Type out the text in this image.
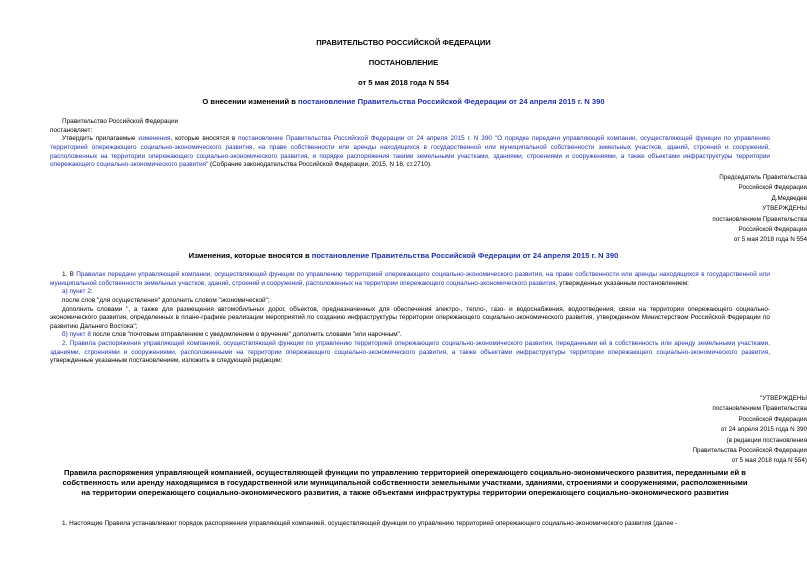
ПРАВИТЕЛЬСТВО РОССИЙСКОЙ ФЕДЕРАЦИИ
ПОСТАНОВЛЕНИЕ
от 5 мая 2018 года N 554
О внесении изменений в постановление Правительства Российской Федерации от 24 апреля 2015 г. N 390

Правительство Российской Федерации

постановляет:

Утвердить прилагаемые изменения, которые вносятся в постановление Правительства Российской Федерации от 24 апреля 2015 г. N 390 "О порядке передачи управляющей компании, осуществляющей функции по управлению территорией опережающего социально-экономического развития, на праве собственности или аренды находящихся в государственной или муниципальной собственности земельных участков, зданий, строений и сооружений, расположенных на территории опережающего социально-экономического развития, и порядке распоряжения такими земельными участками, зданиями, строениями и сооружениями, а также объектами инфраструктуры территории опережающего социально-экономического развития" (Собрание законодательства Российской Федерации, 2015, N 18, ст.2710).

Председатель Правительства
Российской Федерации
Д.Медведев
УТВЕРЖДЕНЫ
постановлением Правительства
Российской Федерации
от 5 мая 2018 года N 554
Изменения, которые вносятся в постановление Правительства Российской Федерации от 24 апреля 2015 г. N 390

1. В Правилах передачи управляющей компании, осуществляющей функции по управлению территорией опережающего социально-экономического развития, на праве собственности или аренды находящихся в государственной или муниципальной собственности земельных участков, зданий, строений и сооружений, расположенных на территории опережающего социально-экономического развития, утвержденных указанным постановлением:

а) пункт 2:

после слов "для осуществления" дополнить словом "экономической";

дополнить словами ", а также для размещения автомобильных дорог, объектов, предназначенных для обеспечения электро-, тепло-, газо- и водоснабжения, водоотведения, связи на территории опережающего социально-экономического развития, определенных в плане-графике реализации мероприятий по созданию инфраструктуры территории опережающего социально-экономического развития, утвержденном Министерством Российской Федерации по развитию Дальнего Востока";

б) пункт 8 после слов "почтовым отправлением с уведомлением о вручении" дополнить словами "или нарочным".

2. Правила распоряжения управляющей компанией, осуществляющей функции по управлению территорией опережающего социально-экономического развития, переданными ей в собственность или аренду земельными участками, зданиями, строениями и сооружениями, расположенными на территории опережающего социально-экономического развития, а также объектами инфраструктуры территории опережающего социально-экономического развития, утвержденные указанным постановлением, изложить в следующей редакции:

"УТВЕРЖДЕНЫ
постановлением Правительства
Российской Федерации
от 24 апреля 2015 года N 390
(в редакции постановления
Правительства Российской Федерации
от 5 мая 2018 года N 554)
Правила распоряжения управляющей компанией, осуществляющей функции по управлению территорией опережающего социально-экономического развития, переданными ей в собственность или аренду находящимся в государственной или муниципальной собственности земельными участками, зданиями, строениями и сооружениями, расположенными на территории опережающего социально-экономического развития, а также объектами инфраструктуры территории опережающего социально-экономического развития

1. Настоящие Правила устанавливают порядок распоряжения управляющей компанией, осуществляющей функции по управлению территорией опережающего социально-экономического развития (далее -
